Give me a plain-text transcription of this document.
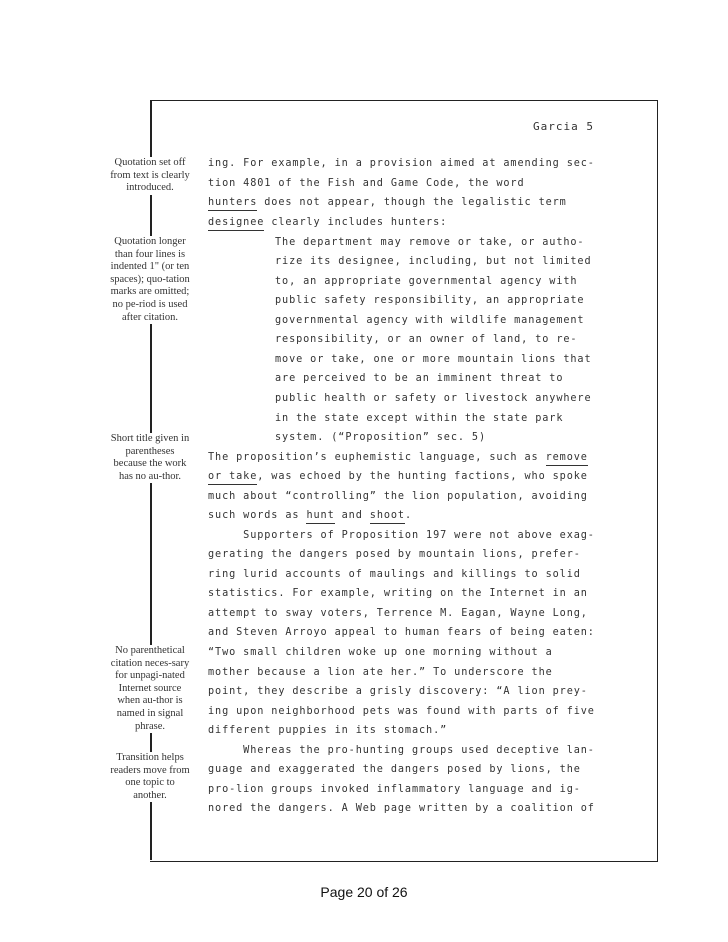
Garcia 5
ing. For example, in a provision aimed at amending sec-
tion 4801 of the Fish and Game Code, the word
hunters does not appear, though the legalistic term
designee clearly includes hunters:
The department may remove or take, or autho-
rize its designee, including, but not limited
to, an appropriate governmental agency with
public safety responsibility, an appropriate
governmental agency with wildlife management
responsibility, or an owner of land, to re-
move or take, one or more mountain lions that
are perceived to be an imminent threat to
public health or safety or livestock anywhere
in the state except within the state park
system. (“Proposition” sec. 5)
The proposition’s euphemistic language, such as remove
or take, was echoed by the hunting factions, who spoke
much about “controlling” the lion population, avoiding
such words as hunt and shoot.
Supporters of Proposition 197 were not above exag-
gerating the dangers posed by mountain lions, prefer-
ring lurid accounts of maulings and killings to solid
statistics. For example, writing on the Internet in an
attempt to sway voters, Terrence M. Eagan, Wayne Long,
and Steven Arroyo appeal to human fears of being eaten:
“Two small children woke up one morning without a
mother because a lion ate her.” To underscore the
point, they describe a grisly discovery: “A lion prey-
ing upon neighborhood pets was found with parts of five
different puppies in its stomach.”
Whereas the pro-hunting groups used deceptive lan-
guage and exaggerated the dangers posed by lions, the
pro-lion groups invoked inflammatory language and ig-
nored the dangers. A Web page written by a coalition of
Quotation set off from text is clearly introduced.
Quotation longer than four lines is indented 1" (or ten spaces); quo-tation marks are omitted; no pe-riod is used after citation.
Short title given in parentheses because the work has no au-thor.
No parenthetical citation neces-sary for unpagi-nated Internet source when au-thor is named in signal phrase.
Transition helps readers move from one topic to another.
Page 20 of 26
